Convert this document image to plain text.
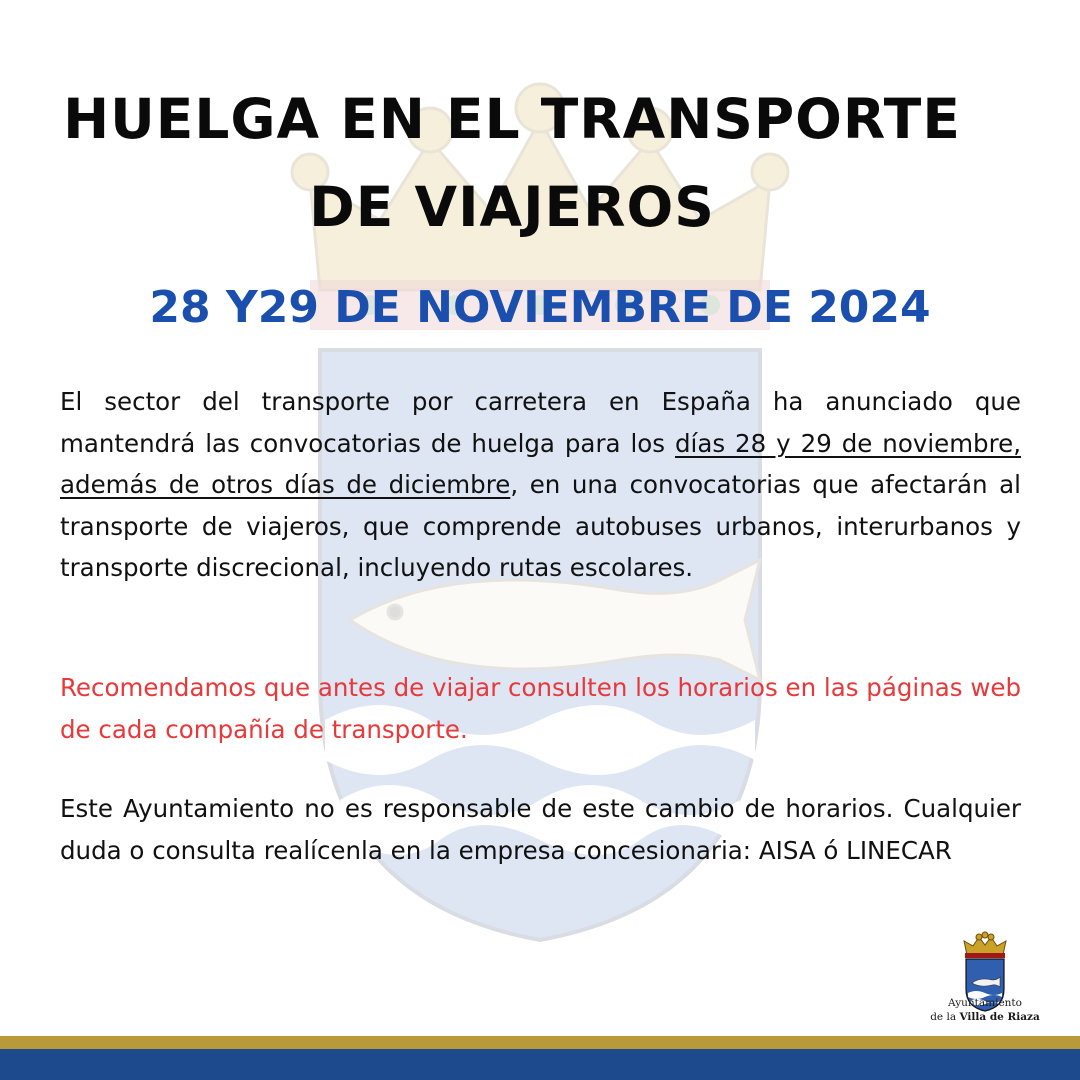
HUELGA EN EL TRANSPORTE
DE VIAJEROS
28 Y29 DE NOVIEMBRE DE 2024

El sector del transporte por carretera en España ha anunciado que mantendrá las convocatorias de huelga para los días 28 y 29 de noviembre, además de otros días de diciembre, en una convocatorias que afectarán al transporte de viajeros, que comprende autobuses urbanos, interurbanos y transporte discrecional, incluyendo rutas escolares.

Recomendamos que antes de viajar consulten los horarios en las páginas web de cada compañía de transporte.

Este Ayuntamiento no es responsable de este cambio de horarios. Cualquier duda o consulta realícenla en la empresa concesionaria: AISA ó LINECAR

Ayuntamiento

de la Villa de Riaza
